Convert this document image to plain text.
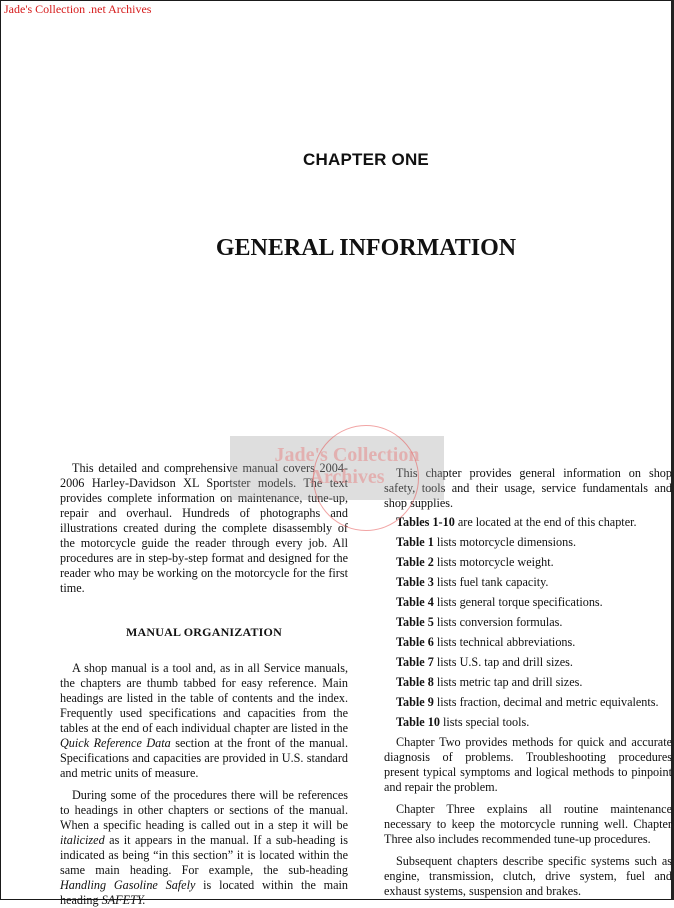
Jade's Collection .net Archives
CHAPTER ONE
GENERAL INFORMATION

This detailed and comprehensive manual covers 2004-2006 Harley-Davidson XL Sportster models. The text provides complete information on maintenance, tune-up, repair and overhaul. Hundreds of photographs and illustrations created during the complete disassembly of the motorcycle guide the reader through every job. All procedures are in step-by-step format and designed for the reader who may be working on the motorcycle for the first time.

MANUAL ORGANIZATION

A shop manual is a tool and, as in all Service manuals, the chapters are thumb tabbed for easy reference. Main headings are listed in the table of contents and the index. Frequently used specifications and capacities from the tables at the end of each individual chapter are listed in the Quick Reference Data section at the front of the manual. Specifications and capacities are provided in U.S. standard and metric units of measure.

During some of the procedures there will be references to headings in other chapters or sections of the manual. When a specific heading is called out in a step it will be italicized as it appears in the manual. If a sub-heading is indicated as being “in this section” it is located within the same main heading. For example, the sub-heading Handling Gasoline Safely is located within the main heading SAFETY.

This chapter provides general information on shop safety, tools and their usage, service fundamentals and shop supplies.

Tables 1-10 are located at the end of this chapter.
Table 1 lists motorcycle dimensions.
Table 2 lists motorcycle weight.
Table 3 lists fuel tank capacity.
Table 4 lists general torque specifications.
Table 5 lists conversion formulas.
Table 6 lists technical abbreviations.
Table 7 lists U.S. tap and drill sizes.
Table 8 lists metric tap and drill sizes.
Table 9 lists fraction, decimal and metric equivalents.
Table 10 lists special tools.

Chapter Two provides methods for quick and accurate diagnosis of problems. Troubleshooting procedures present typical symptoms and logical methods to pinpoint and repair the problem.

Chapter Three explains all routine maintenance necessary to keep the motorcycle running well. Chapter Three also includes recommended tune-up procedures.

Subsequent chapters describe specific systems such as engine, transmission, clutch, drive system, fuel and exhaust systems, suspension and brakes.

Jade's Collection
Archives
